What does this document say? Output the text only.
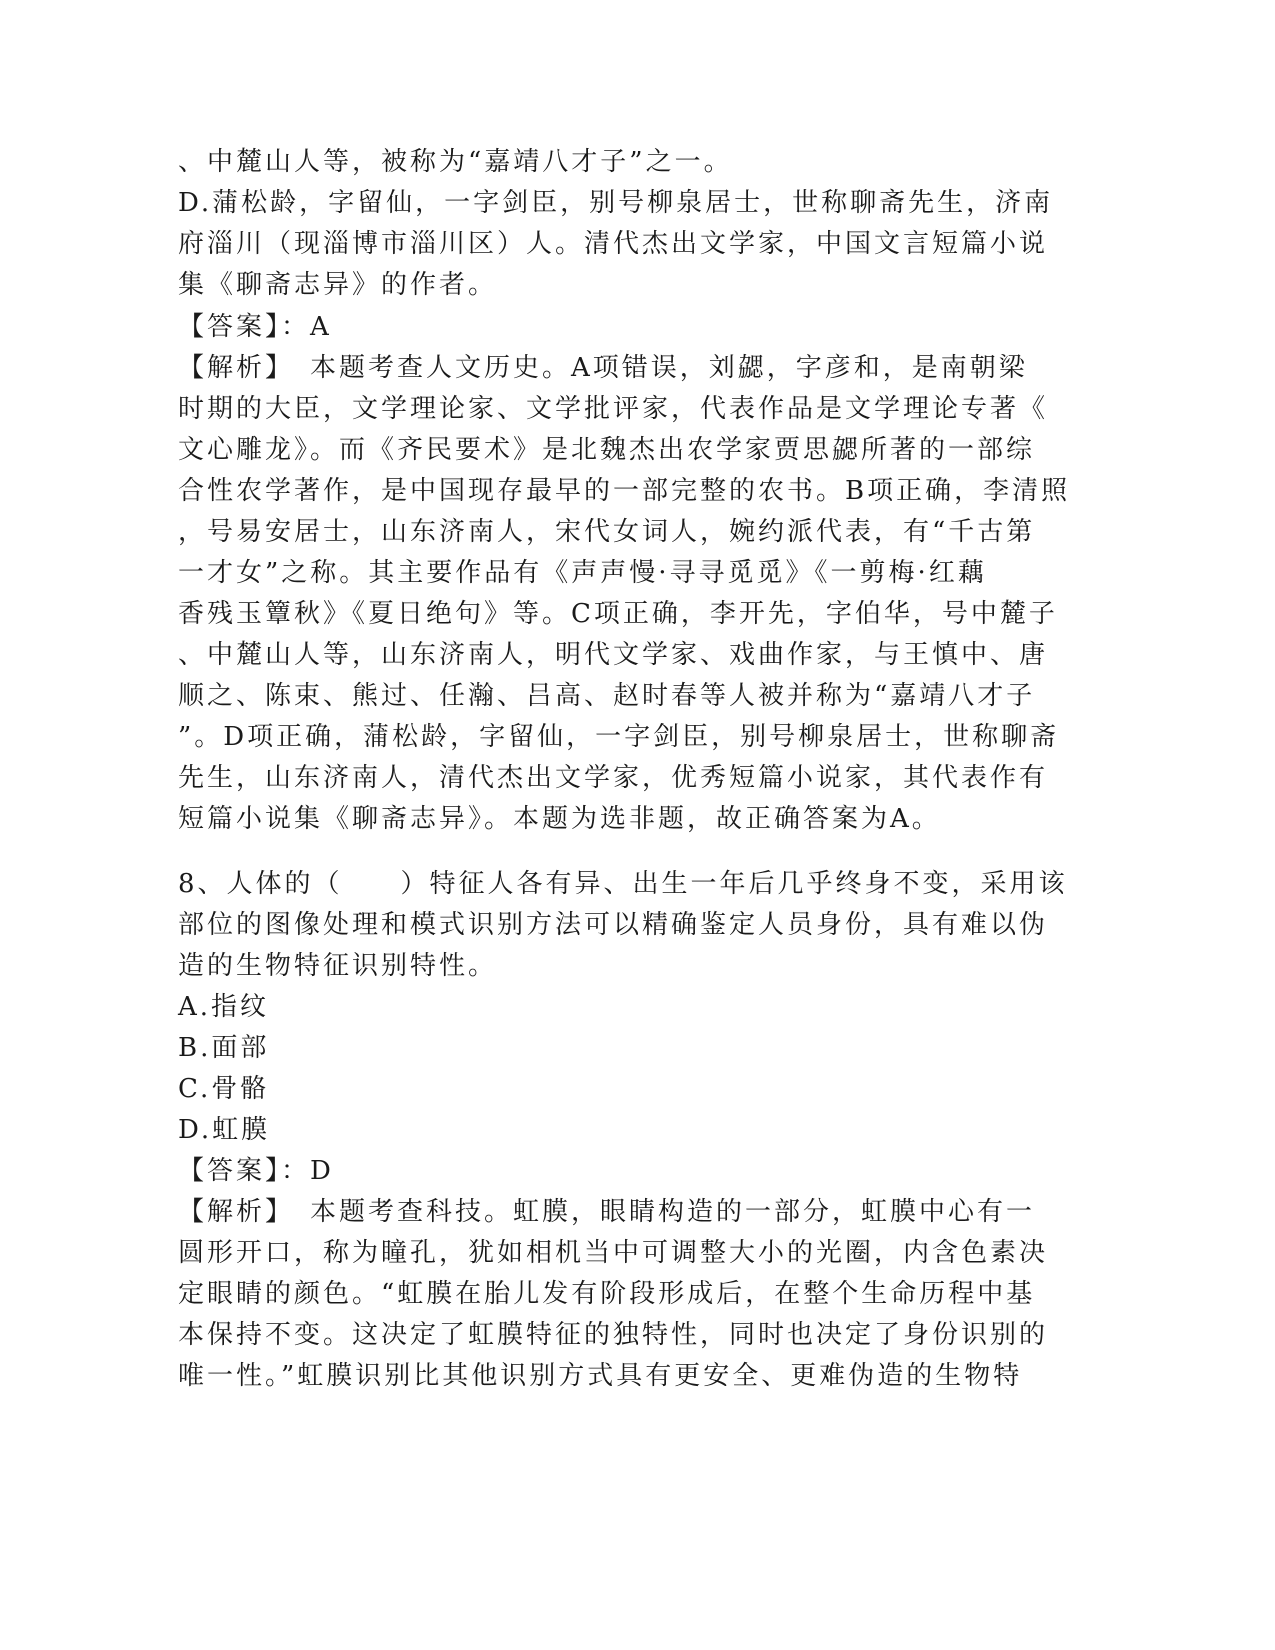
、中麓山人等，被称为“嘉靖八才子”之一。
D.蒲松龄，字留仙，一字剑臣，别号柳泉居士，世称聊斋先生，济南
府淄川（现淄博市淄川区）人。清代杰出文学家，中国文言短篇小说
集《聊斋志异》的作者。
【答案】：A
【解析】　本题考查人文历史。A项错误，刘勰，字彦和，是南朝梁
时期的大臣，文学理论家、文学批评家，代表作品是文学理论专著《
文心雕龙》。而《齐民要术》是北魏杰出农学家贾思勰所著的一部综
合性农学著作，是中国现存最早的一部完整的农书。B项正确，李清照
，号易安居士，山东济南人，宋代女词人，婉约派代表，有“千古第
一才女”之称。其主要作品有《声声慢·寻寻觅觅》《一剪梅·红藕
香残玉簟秋》《夏日绝句》等。C项正确，李开先，字伯华，号中麓子
、中麓山人等，山东济南人，明代文学家、戏曲作家，与王慎中、唐
顺之、陈束、熊过、任瀚、吕高、赵时春等人被并称为“嘉靖八才子
”。D项正确，蒲松龄，字留仙，一字剑臣，别号柳泉居士，世称聊斋
先生，山东济南人，清代杰出文学家，优秀短篇小说家，其代表作有
短篇小说集《聊斋志异》。本题为选非题，故正确答案为A。
8、人体的（　　）特征人各有异、出生一年后几乎终身不变，采用该
部位的图像处理和模式识别方法可以精确鉴定人员身份，具有难以伪
造的生物特征识别特性。
A.指纹
B.面部
C.骨骼
D.虹膜
【答案】：D
【解析】　本题考查科技。虹膜，眼睛构造的一部分，虹膜中心有一
圆形开口，称为瞳孔，犹如相机当中可调整大小的光圈，内含色素决
定眼睛的颜色。“虹膜在胎儿发有阶段形成后，在整个生命历程中基
本保持不变。这决定了虹膜特征的独特性，同时也决定了身份识别的
唯一性。”虹膜识别比其他识别方式具有更安全、更难伪造的生物特
